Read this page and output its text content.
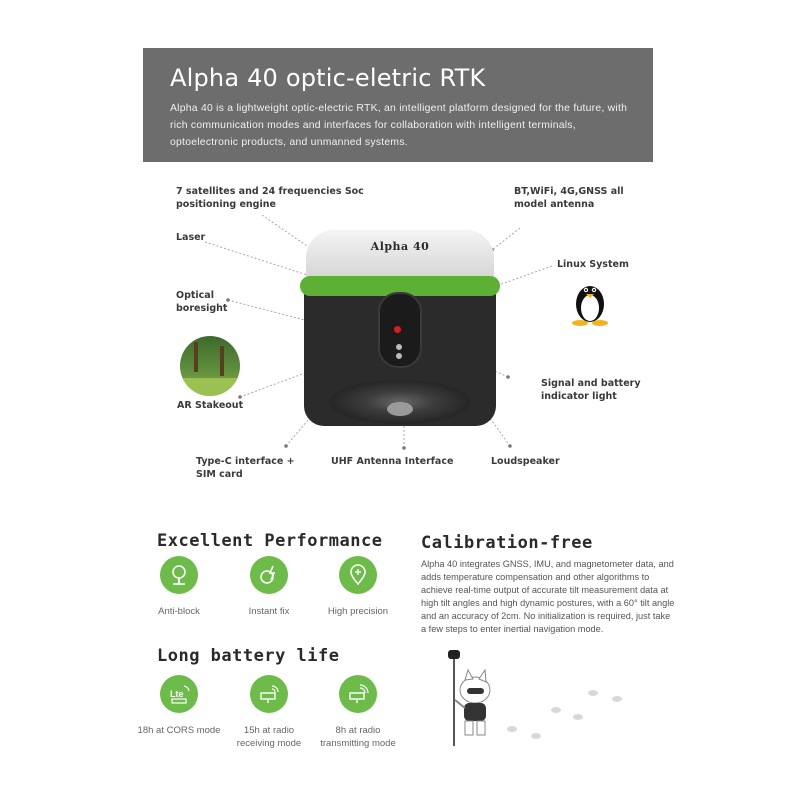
Alpha 40 optic-eletric RTK

Alpha 40 is a lightweight optic-electric RTK, an intelligent platform designed for the future, with rich communication modes and interfaces for collaboration with intelligent terminals, optoelectronic products, and unmanned systems.

7 satellites and 24 frequencies Soc positioning engine
BT,WiFi, 4G,GNSS all model antenna
Laser
Linux System
Optical boresight
Signal and battery indicator light
AR Stakeout
Type-C interface + SIM card
UHF Antenna Interface	Loudspeaker
Alpha 40
Excellent Performance
Anti-block	Instant fix	High precision
Long battery life
Lte
18h at CORS mode	15h at radio receiving mode
8h at radio transmitting mode
Calibration-free
Alpha 40 integrates GNSS, IMU, and magnetometer data, and adds temperature compensation and other algorithms to achieve real-time output of accurate tilt measurement data at high tilt angles and high dynamic postures, with a 60° tilt angle and an accuracy of 2cm. No initialization is required, just take a few steps to enter inertial navigation mode.
